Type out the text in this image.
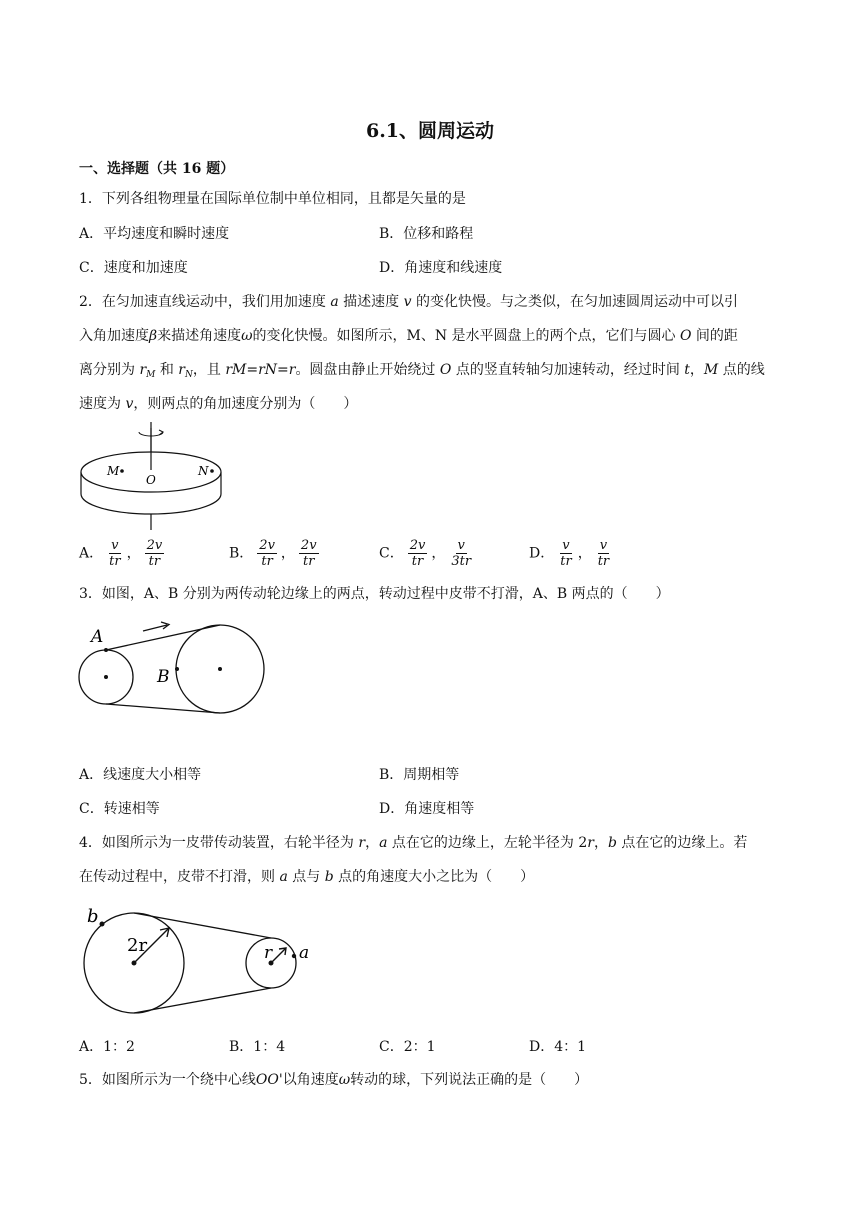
6.1、圆周运动
一、选择题（共 16 题）
1．下列各组物理量在国际单位制中单位相同，且都是矢量的是
A．平均速度和瞬时速度	B．位移和路程
C．速度和加速度	D．角速度和线速度
2．在匀加速直线运动中，我们用加速度 a 描述速度 v 的变化快慢。与之类似，在匀加速圆周运动中可以引
入角加速度β来描述角速度ω的变化快慢。如图所示，M、N 是水平圆盘上的两个点，它们与圆心 O 间的距
离分别为 $r_M$ 和 $r_N$，且 rM=rN=r。圆盘由静止开始绕过 O 点的竖直转轴匀加速转动，经过时间 t，M 点的线
速度为 v，则两点的角加速度分别为（　　）
M
O
N
A． $\frac{v}{tr}$ ， $\frac{2v}{tr}$	B． $\frac{2v}{tr}$ ， $\frac{2v}{tr}$	C． $\frac{2v}{tr}$ ， $\frac{v}{3tr}$	D． $\frac{v}{tr}$ ， $\frac{v}{tr}$
3．如图，A、B 分别为两传动轮边缘上的两点，转动过程中皮带不打滑，A、B 两点的（　　）
A
B
A．线速度大小相等	B．周期相等
C．转速相等	D．角速度相等
4．如图所示为一皮带传动装置，右轮半径为 r，a 点在它的边缘上，左轮半径为 2r，b 点在它的边缘上。若
在传动过程中，皮带不打滑，则 a 点与 b 点的角速度大小之比为（　　）
b
2r	r a
A．1：2	B．1：4	C．2：1	D．4：1
5．如图所示为一个绕中心线OO'以角速度ω转动的球，下列说法正确的是（　　）
